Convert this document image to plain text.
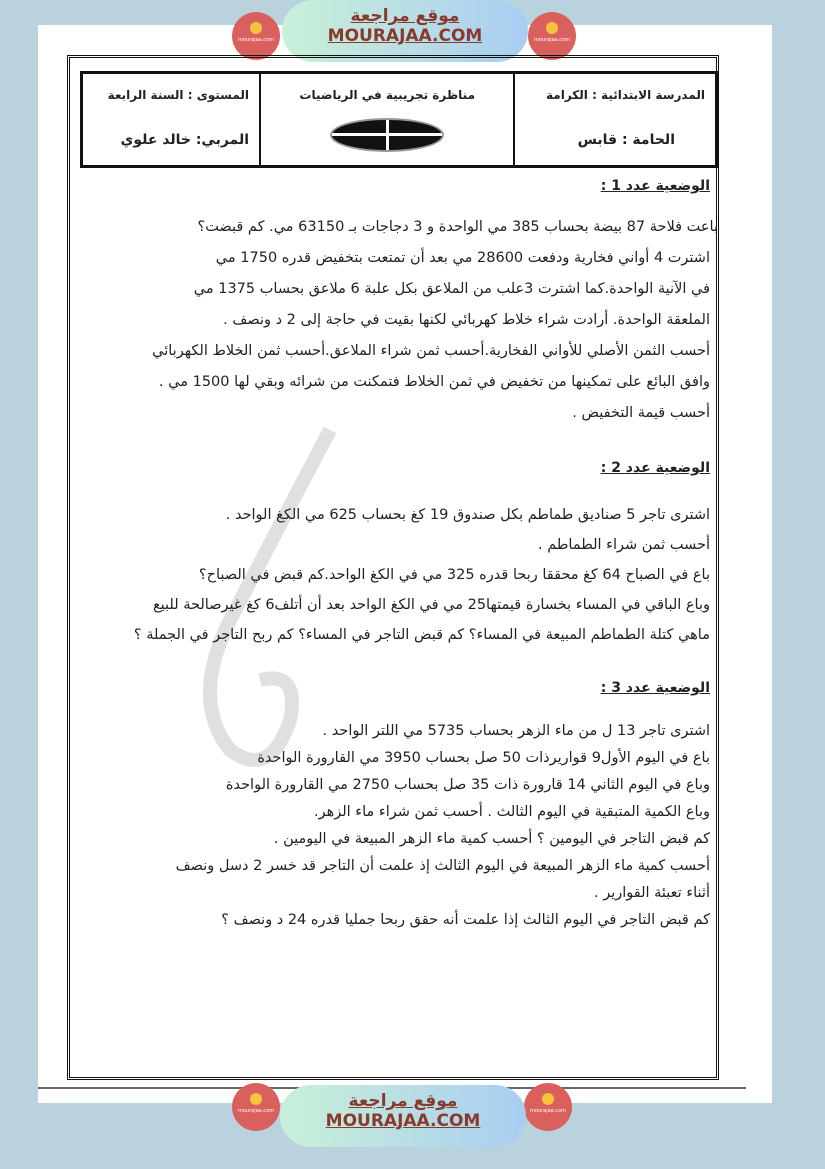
mourajaa.com	mourajaa.com
موقع مراجعة
MOURAJAA.COM
المدرسة الابتدائية : الكرامة
الحامة : قابس
مناظرة تجريبية في الرياضيات
المستوى : السنة الرابعة
المربي: خالد علوي
الوضعية عدد 1 :
باعت فلاحة 87 بيضة بحساب 385 مي الواحدة و 3 دجاجات بـ 63150 مي. كم قبضت؟
اشترت 4 أواني فخارية ودفعت 28600 مي بعد أن تمتعت بتخفيض قدره 1750 مي
في الآنية الواحدة.كما اشترت 3علب من الملاعق بكل علبة 6 ملاعق بحساب 1375 مي
الملعقة الواحدة. أرادت شراء خلاط كهربائي لكنها بقيت في حاجة إلى 2 د ونصف .
أحسب الثمن الأصلي للأواني الفخارية.أحسب ثمن شراء الملاعق.أحسب ثمن الخلاط الكهربائي
وافق البائع على تمكينها من تخفيض في ثمن الخلاط فتمكنت من شرائه وبقي لها 1500 مي .
أحسب قيمة التخفيض .
الوضعية عدد 2 :
اشترى تاجر 5 صناديق طماطم بكل صندوق 19 كغ بحساب 625 مي الكغ الواحد .
أحسب ثمن شراء الطماطم .
باع في الصباح 64 كغ محققا ربحا قدره 325 مي في الكغ الواحد.كم قبض في الصباح؟
وباع الباقي في المساء بخسارة قيمتها25 مي في الكغ الواحد بعد أن أتلف6 كغ غيرصالحة للبيع
ماهي كتلة الطماطم المبيعة في المساء؟ كم قبض التاجر في المساء؟ كم ربح التاجر في الجملة ؟
الوضعية عدد 3 :
اشترى تاجر 13 ل من ماء الزهر بحساب 5735 مي اللتر الواحد .
باع في اليوم الأول9 قواريرذات 50 صل بحساب 3950 مي القارورة الواحدة
وباع في اليوم الثاني 14 قارورة ذات 35 صل بحساب 2750 مي القارورة الواحدة
وباع الكمية المتبقية في اليوم الثالث . أحسب ثمن شراء ماء الزهر.
كم قبض التاجر في اليومين ؟ أحسب كمية ماء الزهر المبيعة في اليومين .
أحسب كمية ماء الزهر المبيعة في اليوم الثالث إذ علمت أن التاجر قد خسر 2 دسل ونصف
أثناء تعبئة القوارير .
كم قبض التاجر في اليوم الثالث إذا علمت أنه حقق ربحا جمليا قدره 24 د ونصف ؟
mourajaa.com	mourajaa.com
موقع مراجعة
MOURAJAA.COM
